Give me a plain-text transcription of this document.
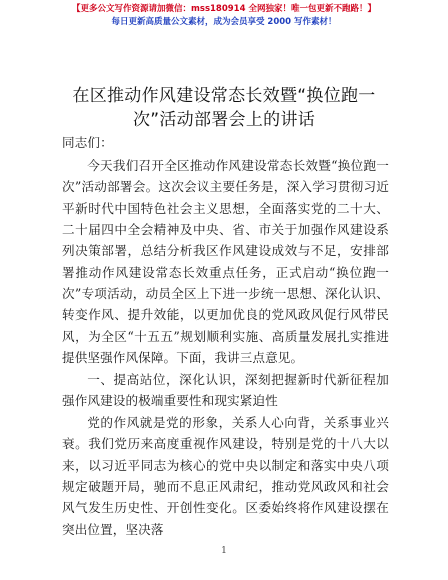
【更多公文写作资源请加微信：mss180914 全网独家！唯一包更新不跑路！】
每日更新高质量公文素材，成为会员享受 2000 写作素材！
在区推动作风建设常态长效暨“换位跑一
次”活动部署会上的讲话
同志们：
今天我们召开全区推动作风建设常态长效暨“换位跑一次”活动部署会。这次会议主要任务是，深入学习贯彻习近平新时代中国特色社会主义思想，全面落实党的二十大、二十届四中全会精神及中央、省、市关于加强作风建设系列决策部署，总结分析我区作风建设成效与不足，安排部署推动作风建设常态长效重点任务，正式启动“换位跑一次”专项活动，动员全区上下进一步统一思想、深化认识、转变作风、提升效能，以更加优良的党风政风促行风带民风，为全区“十五五”规划顺利实施、高质量发展扎实推进提供坚强作风保障。下面，我讲三点意见。
一、提高站位，深化认识，深刻把握新时代新征程加强作风建设的极端重要性和现实紧迫性
党的作风就是党的形象，关系人心向背，关系事业兴衰。我们党历来高度重视作风建设，特别是党的十八大以来，以习近平同志为核心的党中央以制定和落实中央八项规定破题开局，驰而不息正风肃纪，推动党风政风和社会风气发生历史性、开创性变化。区委始终将作风建设摆在突出位置，坚决落
1
